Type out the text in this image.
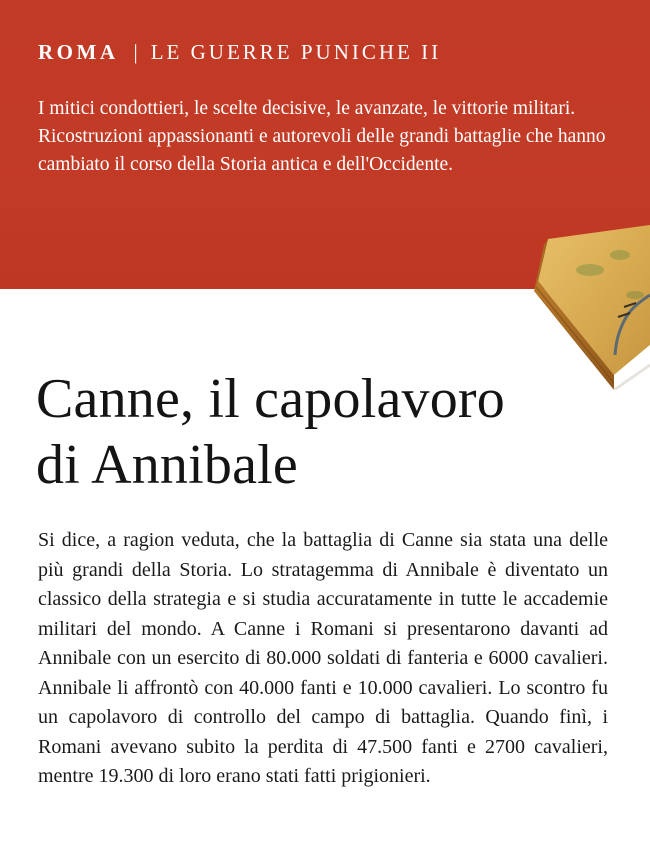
ROMA | LE GUERRE PUNICHE II

I mitici condottieri, le scelte decisive, le avanzate, le vittorie militari. Ricostruzioni appassionanti e autorevoli delle grandi battaglie che hanno cambiato il corso della Storia antica e dell'Occidente.

Canne, il capolavoro
di Annibale

Si dice, a ragion veduta, che la battaglia di Canne sia stata una delle più grandi della Storia. Lo stratagemma di Annibale è diventato un classico della strategia e si studia accuratamente in tutte le accademie militari del mondo. A Canne i Romani si presentarono davanti ad Annibale con un esercito di 80.000 soldati di fanteria e 6000 cavalieri. Annibale li affrontò con 40.000 fanti e 10.000 cavalieri. Lo scontro fu un capolavoro di controllo del campo di battaglia. Quando finì, i Romani avevano subito la perdita di 47.500 fanti e 2700 cavalieri, mentre 19.300 di loro erano stati fatti prigionieri.
